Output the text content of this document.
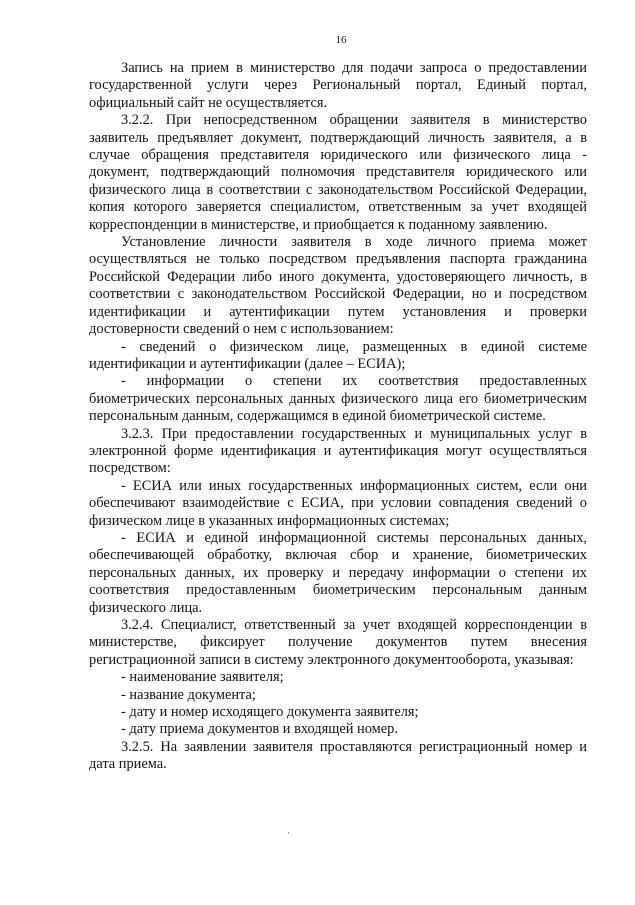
16

Запись на прием в министерство для подачи запроса о предоставлении государственной услуги через Региональный портал, Единый портал, официальный сайт не осуществляется.

3.2.2. При непосредственном обращении заявителя в министерство заявитель предъявляет документ, подтверждающий личность заявителя, а в случае обращения представителя юридического или физического лица - документ, подтверждающий полномочия представителя юридического или физического лица в соответствии с законодательством Российской Федерации, копия которого заверяется специалистом, ответственным за учет входящей корреспонденции в министерстве, и приобщается к поданному заявлению.

Установление личности заявителя в ходе личного приема может осуществляться не только посредством предъявления паспорта гражданина Российской Федерации либо иного документа, удостоверяющего личность, в соответствии с законодательством Российской Федерации, но и посредством идентификации и аутентификации путем установления и проверки достоверности сведений о нем с использованием:

- сведений о физическом лице, размещенных в единой системе идентификации и аутентификации (далее – ЕСИА);

- информации о степени их соответствия предоставленных биометрических персональных данных физического лица его биометрическим персональным данным, содержащимся в единой биометрической системе.

3.2.3. При предоставлении государственных и муниципальных услуг в электронной форме идентификация и аутентификация могут осуществляться посредством:

- ЕСИА или иных государственных информационных систем, если они обеспечивают взаимодействие с ЕСИА, при условии совпадения сведений о физическом лице в указанных информационных системах;

- ЕСИА и единой информационной системы персональных данных, обеспечивающей обработку, включая сбор и хранение, биометрических персональных данных, их проверку и передачу информации о степени их соответствия предоставленным биометрическим персональным данным физического лица.

3.2.4. Специалист, ответственный за учет входящей корреспонденции в министерстве, фиксирует получение документов путем внесения регистрационной записи в систему электронного документооборота, указывая:

- наименование заявителя;

- название документа;

- дату и номер исходящего документа заявителя;

- дату приема документов и входящей номер.

3.2.5. На заявлении заявителя проставляются регистрационный номер и дата приема.

·
